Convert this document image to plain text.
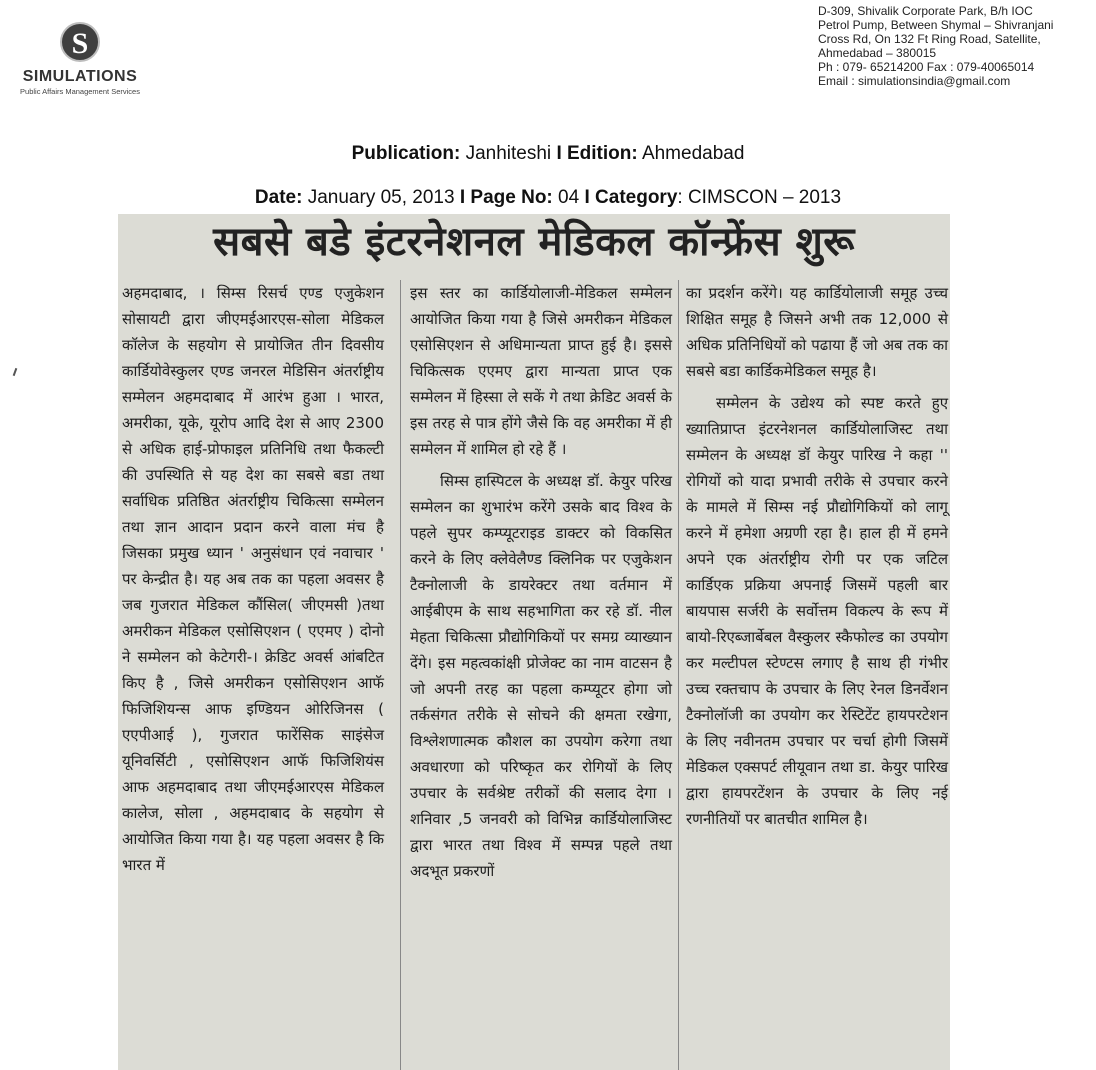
S
SIMULATIONS
Public Affairs Management Services
D-309, Shivalik Corporate Park, B/h IOC
Petrol Pump, Between Shymal – Shivranjani
Cross Rd, On 132 Ft Ring Road, Satellite,
Ahmedabad – 380015
Ph : 079- 65214200 Fax : 079-40065014
Email : simulationsindia@gmail.com
Publication: Janhiteshi I Edition: Ahmedabad
Date: January 05, 2013 I Page No: 04 I Category: CIMSCON – 2013
सबसे बडे इंटरनेशनल मेडिकल कॉन्फ्रेंस शुरू

अहमदाबाद, । सिम्स रिसर्च एण्ड एजुकेशन सोसायटी द्वारा जीएमईआरएस-सोला मेडिकल कॉलेज के सहयोग से प्रायोजित तीन दिवसीय कार्डियोवेस्कुलर एण्ड जनरल मेडिसिन अंतर्राष्ट्रीय सम्मेलन अहमदाबाद में आरंभ हुआ । भारत, अमरीका, यूके, यूरोप आदि देश से आए 2300 से अधिक हाई-प्रोफाइल प्रतिनिधि तथा फैकल्टी की उपस्थिति से यह देश का सबसे बडा तथा सर्वाधिक प्रतिष्ठित अंतर्राष्ट्रीय चिकित्सा सम्मेलन तथा ज्ञान आदान प्रदान करने वाला मंच है जिसका प्रमुख ध्यान ' अनुसंधान एवं नवाचार ' पर केन्द्रीत है। यह अब तक का पहला अवसर है जब गुजरात मेडिकल कौंसिल( जीएमसी )तथा अमरीकन मेडिकल एसोसिएशन ( एएमए ) दोनो ने सम्मेलन को केटेगरी-। क्रेडिट अवर्स आंबटित किए है , जिसे अमरीकन एसोसिएशन आफॅ फिजिशियन्स आफ इण्डियन ओरिजिनस ( एएपीआई ), गुजरात फारेंसिक साइंसेज यूनिवर्सिटी , एसोसिएशन आफॅ फिजिशियंस आफ अहमदाबाद तथा जीएमईआरएस मेडिकल कालेज, सोला , अहमदाबाद के सहयोग से आयोजित किया गया है। यह पहला अवसर है कि भारत में

इस स्तर का कार्डियोलाजी-मेडिकल सम्मेलन आयोजित किया गया है जिसे अमरीकन मेडिकल एसोसिएशन से अधिमान्यता प्राप्त हुई है। इससे चिकित्सक एएमए द्वारा मान्यता प्राप्त एक सम्मेलन में हिस्सा ले सकें गे तथा क्रेडिट अवर्स के इस तरह से पात्र होंगे जैसे कि वह अमरीका में ही सम्मेलन में शामिल हो रहे हैं ।

सिम्स हास्पिटल के अध्यक्ष डॉ. केयुर परिख सम्मेलन का शुभारंभ करेंगे उसके बाद विश्व के पहले सुपर कम्प्यूटराइड डाक्टर को विकसित करने के लिए क्लेवेलैण्ड क्लिनिक पर एजुकेशन टैक्नोलाजी के डायरेक्टर तथा वर्तमान में आईबीएम के साथ सहभागिता कर रहे डॉ. नील मेहता चिकित्सा प्रौद्योगिकियों पर समग्र व्याख्यान देंगे। इस महत्वकांक्षी प्रोजेक्ट का नाम वाटसन है जो अपनी तरह का पहला कम्प्यूटर होगा जो तर्कसंगत तरीके से सोचने की क्षमता रखेगा, विश्लेशणात्मक कौशल का उपयोग करेगा तथा अवधारणा को परिष्कृत कर रोगियों के लिए उपचार के सर्वश्रेष्ट तरीकों की सलाद देगा । शनिवार ,5 जनवरी को विभिन्न कार्डियोलाजिस्ट द्वारा भारत तथा विश्व में सम्पन्न पहले तथा अदभूत प्रकरणों

का प्रदर्शन करेंगे। यह कार्डियोलाजी समूह उच्च शिक्षित समूह है जिसने अभी तक 12,000 से अधिक प्रतिनिधियों को पढाया हैं जो अब तक का सबसे बडा कार्डिकमेडिकल समूह है।

सम्मेलन के उद्येश्य को स्पष्ट करते हुए ख्यातिप्राप्त इंटरनेशनल कार्डियोलाजिस्ट तथा सम्मेलन के अध्यक्ष डॉ केयुर पारिख ने कहा '' रोगियों को यादा प्रभावी तरीके से उपचार करने के मामले में सिम्स नई प्रौद्योगिकियों को लागू करने में हमेशा अग्रणी रहा है। हाल ही में हमने अपने एक अंतर्राष्ट्रीय रोगी पर एक जटिल कार्डिएक प्रक्रिया अपनाई जिसमें पहली बार बायपास सर्जरी के सर्वोत्तम विकल्प के रूप में बायो-रिएब्जार्बेबल वैस्कुलर स्कैफोल्ड का उपयोग कर मल्टीपल स्टेण्टस लगाए है साथ ही गंभीर उच्च रक्तचाप के उपचार के लिए रेनल डिनर्वेशन टैक्नोलॉजी का उपयोग कर रेस्टिटेंट हायपरटेशन के लिए नवीनतम उपचार पर चर्चा होगी जिसमें मेडिकल एक्सपर्ट लीयूवान तथा डा. केयुर पारिख द्वारा हायपरटेंशन के उपचार के लिए नई रणनीतियों पर बातचीत शामिल है।
